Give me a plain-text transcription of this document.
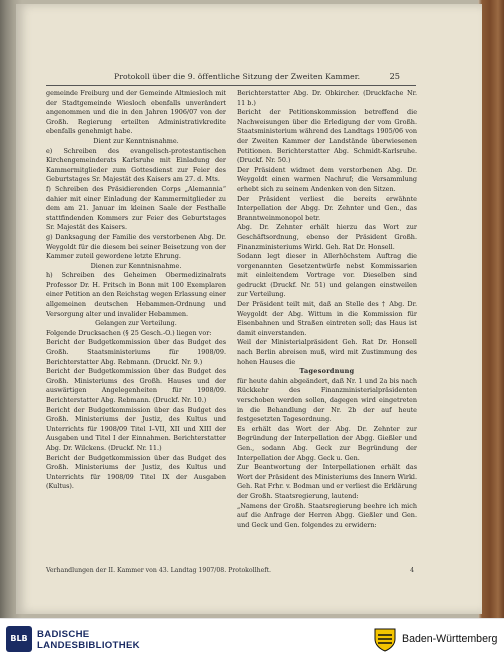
Protokoll über die 9. öffentliche Sitzung der Zweiten Kammer.	25
gemeinde Freiburg und der Gemeinde Altmiesloch mit der Stadtgemeinde Wiesloch ebenfalls unverändert angenommen und die in den Jahren 1906/07 von der Großh. Regierung erteilten Administrativkredite ebenfalls genehmigt habe.
Dient zur Kenntnisnahme.
e) Schreiben des evangelisch-protestantischen Kirchengemeinderats Karlsruhe mit Einladung der Kammermitglieder zum Gottesdienst zur Feier des Geburtstages Sr. Majestät des Kaisers am 27. d. Mts.
f) Schreiben des Präsidierenden Corps „Alemannia“ dahier mit einer Einladung der Kammermitglieder zu dem am 21. Januar im kleinen Saale der Festhalle stattfindenden Kommers zur Feier des Geburtstages Sr. Majestät des Kaisers.
g) Danksagung der Familie des verstorbenen Abg. Dr. Weygoldt für die diesem bei seiner Beisetzung von der Kammer zuteil gewordene letzte Ehrung.
Dienen zur Kenntnisnahme.
h) Schreiben des Geheimen Obermedizinalrats Professor Dr. H. Fritsch in Bonn mit 100 Exemplaren einer Petition an den Reichstag wegen Erlassung einer allgemeinen deutschen Hebammen-Ordnung und Versorgung alter und invalider Hebammen.
Gelangen zur Verteilung.
Folgende Drucksachen (§ 25 Gesch.-O.) liegen vor:
Bericht der Budgetkommission über das Budget des Großh. Staatsministeriums für 1908/09. Berichterstatter Abg. Rebmann. (Druckf. Nr. 9.)
Bericht der Budgetkommission über das Budget des Großh. Ministeriums des Großh. Hauses und der auswärtigen Angelegenheiten für 1908/09. Berichterstatter Abg. Rebmann. (Druckf. Nr. 10.)
Bericht der Budgetkommission über das Budget des Großh. Ministeriums der Justiz, des Kultus und Unterrichts für 1908/09 Titel I–VII, XII und XIII der Ausgaben und Titel I der Einnahmen. Berichterstatter Abg. Dr. Wilckens. (Druckf. Nr. 11.)
Bericht der Budgetkommission über das Budget des Großh. Ministeriums der Justiz, des Kultus und Unterrichts für 1908/09 Titel IX der Ausgaben (Kultus).
Berichterstatter Abg. Dr. Obkircher. (Druckfache Nr. 11 b.)
Bericht der Petitionskommission betreffend die Nachweisungen über die Erledigung der vom Großh. Staatsministerium während des Landtags 1905/06 von der Zweiten Kammer der Landstände überwiesenen Petitionen. Berichterstatter Abg. Schmidt-Karlsruhe. (Druckf. Nr. 50.)
Der Präsident widmet dem verstorbenen Abg. Dr. Weygoldt einen warmen Nachruf; die Versammlung erhebt sich zu seinem Andenken von den Sitzen.
Der Präsident verliest die bereits erwähnte Interpellation der Abgg. Dr. Zehnter und Gen., das Branntweinmonopol betr.
Abg. Dr. Zehnter erhält hierzu das Wort zur Geschäftsordnung, ebenso der Präsident Großh. Finanzministeriums Wirkl. Geh. Rat Dr. Honsell.
Sodann legt dieser in Allerhöchstem Auftrag die vorgenannten Gesetzentwürfe nebst Kommissarien mit einleitendem Vortrage vor. Dieselben sind gedruckt (Druckf. Nr. 51) und gelangen einstweilen zur Verteilung.
Der Präsident teilt mit, daß an Stelle des † Abg. Dr. Weygoldt der Abg. Wittum in die Kommission für Eisenbahnen und Straßen eintreten soll; das Haus ist damit einverstanden.
Weil der Ministerialpräsident Geh. Rat Dr. Honsell nach Berlin abreisen muß, wird mit Zustimmung des hohen Hauses die
Tagesordnung
für heute dahin abgeändert, daß Nr. 1 und 2a bis nach Rückkehr des Finanzministerialpräsidenten verschoben werden sollen, dagegen wird eingetreten in die Behandlung der Nr. 2b der auf heute festgesetzten Tagesordnung.
Es erhält das Wort der Abg. Dr. Zehnter zur Begründung der Interpellation der Abgg. Gießler und Gen., sodann Abg. Geck zur Begründung der Interpellation der Abgg. Geck u. Gen.
Zur Beantwortung der Interpellationen erhält das Wort der Präsident des Ministeriums des Innern Wirkl. Geh. Rat Frhr. v. Bodman und er verliest die Erklärung der Großh. Staatsregierung, lautend:
„Namens der Großh. Staatsregierung beehre ich mich auf die Anfrage der Herren Abgg. Gießler und Gen. und Geck und Gen. folgendes zu erwidern:
Verhandlungen der II. Kammer von 43. Landtag 1907/08. Protokollheft.	4
BLB BADISCHE
LANDESBIBLIOTHEK
Baden-Württemberg
